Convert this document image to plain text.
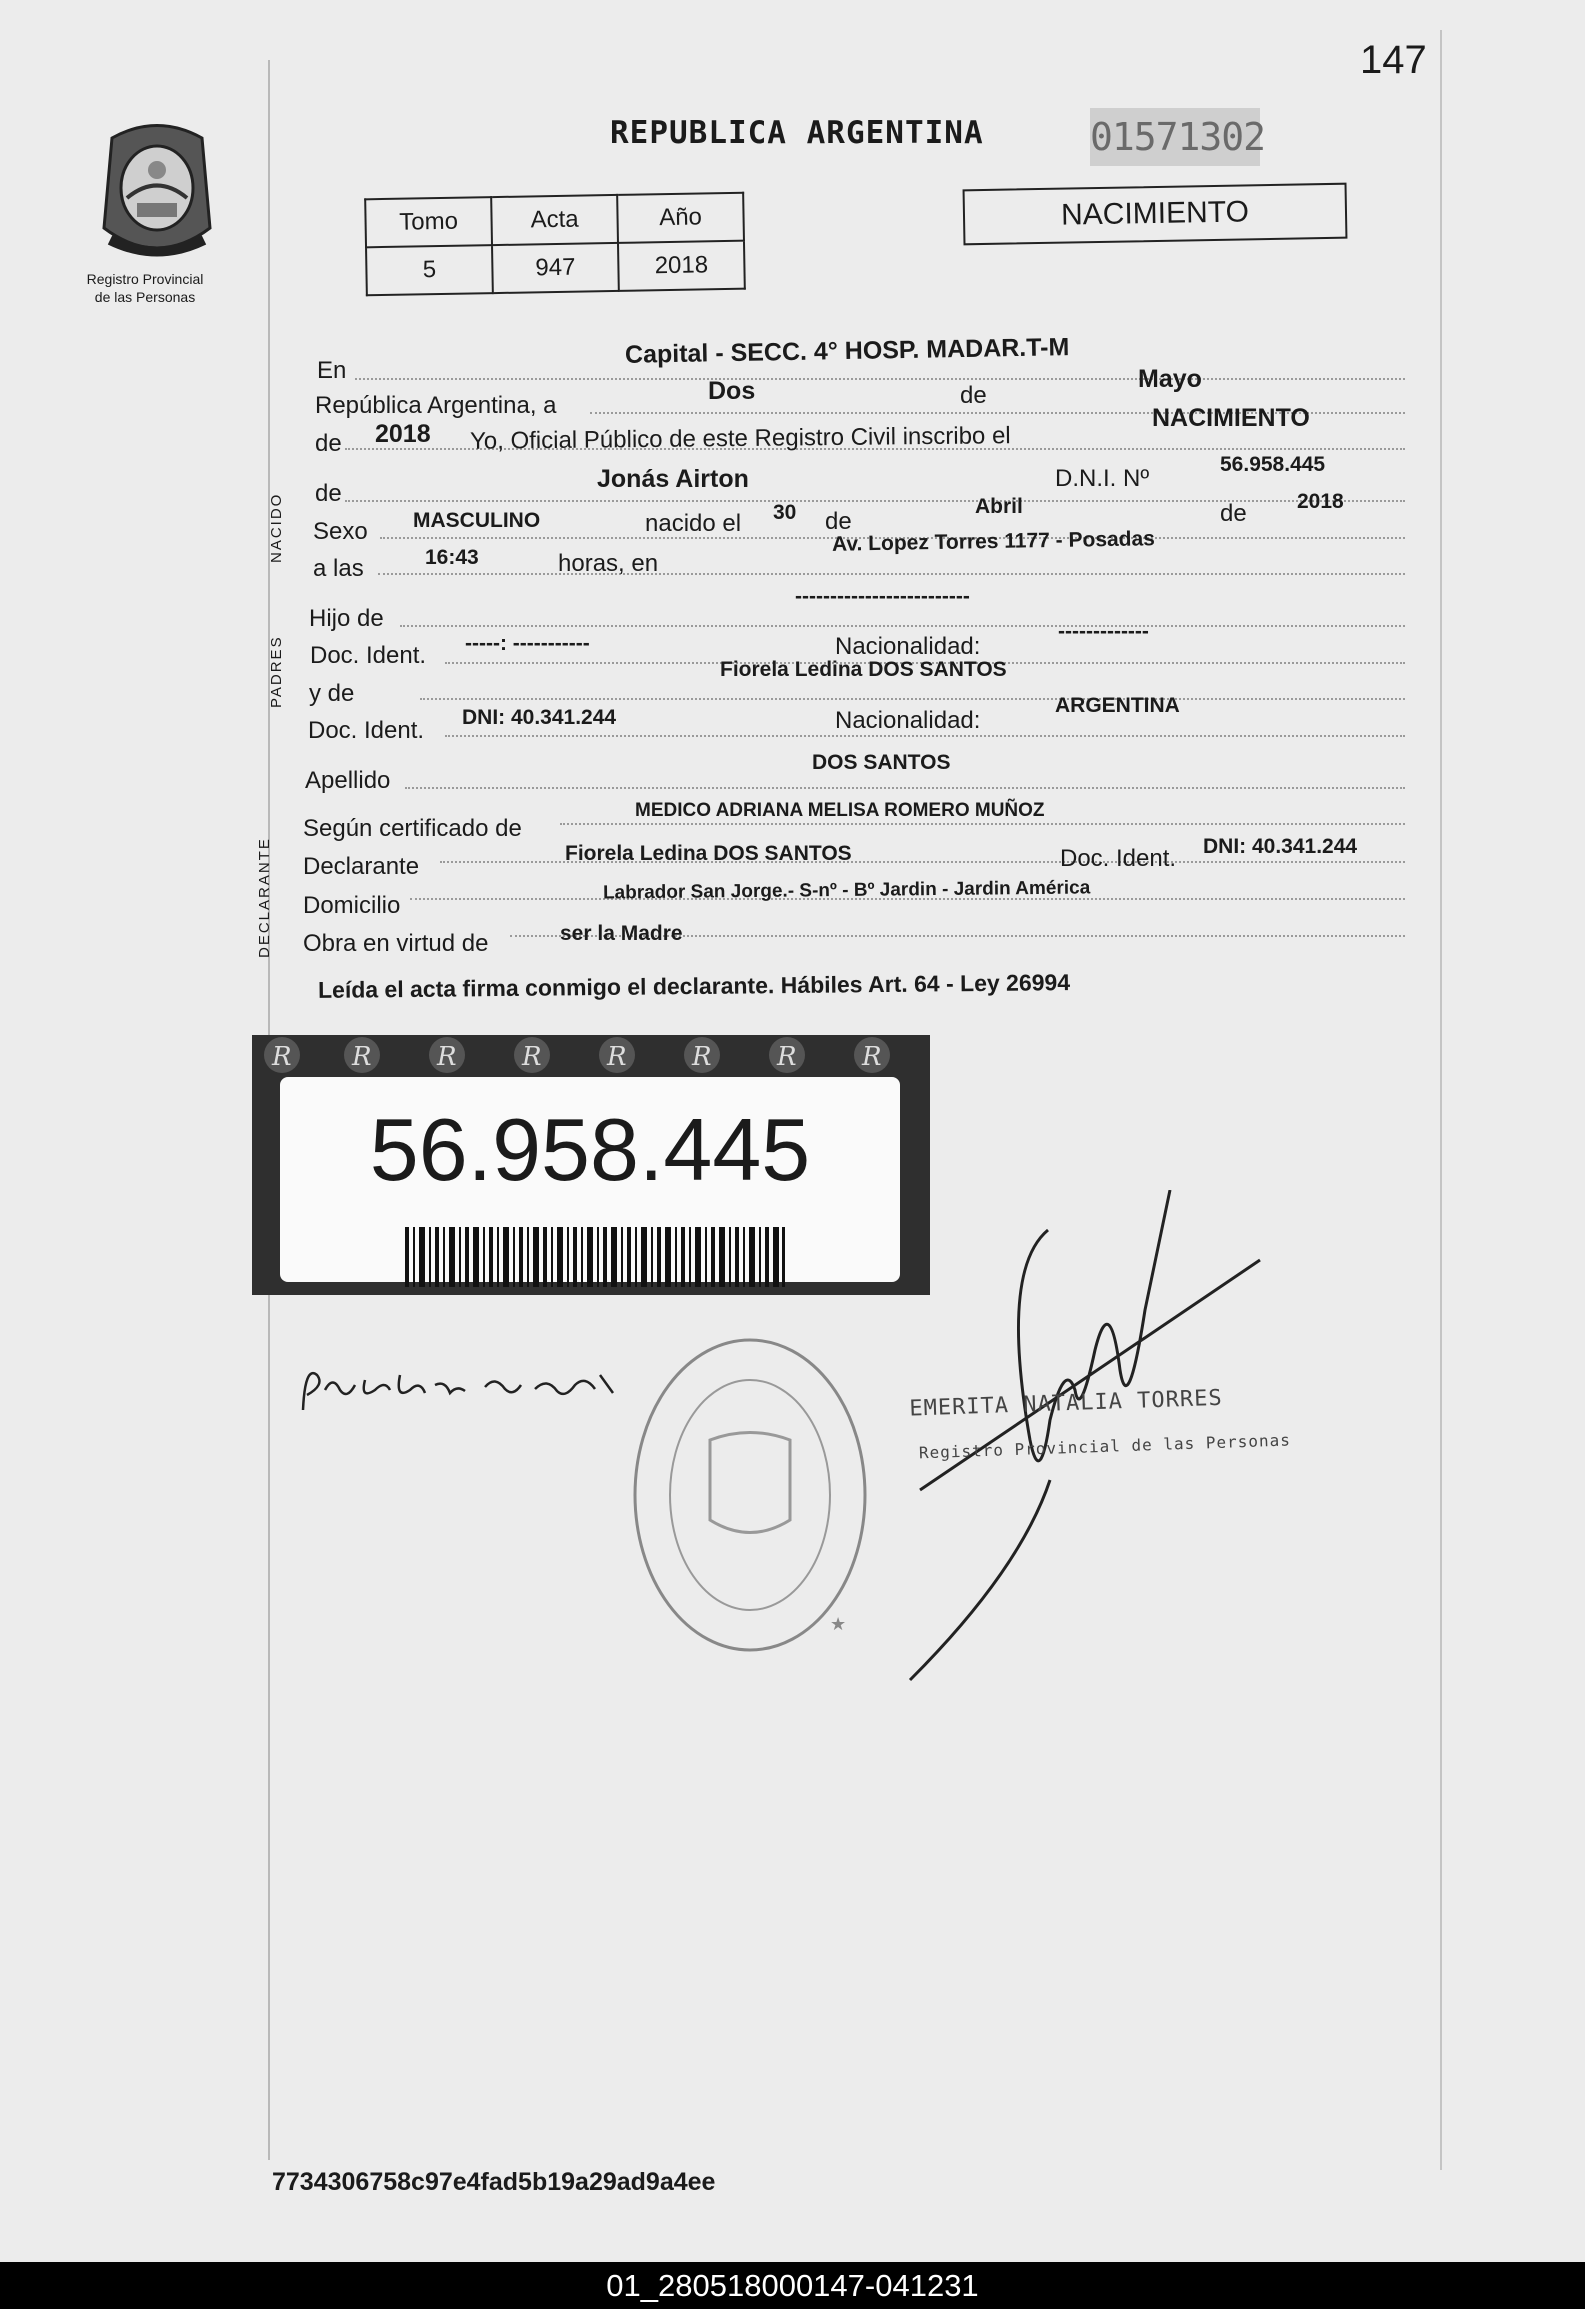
147
REPUBLICA ARGENTINA	01571302
Registro Provincial
de las Personas
Tomo	Acta	Año
5	947	2018
NACIMIENTO
NACIDO
PADRES
DECLARANTE
En
Capital - SECC. 4° HOSP. MADAR.T-M
República Argentina, a
Dos	de
Mayo
de 2018 Yo, Oficial Público de este Registro Civil inscribo el
NACIMIENTO
de
Jonás Airton	D.N.I. Nº
56.958.445
Sexo MASCULINO	nacido el 30 de
Abril	de 2018
a las	16:43	horas, en
Av. Lopez Torres 1177 - Posadas
Hijo de
-------------------------
Doc. Ident. -----: -----------	Nacionalidad:
-------------
y de
Fiorela Ledina DOS SANTOS
Doc. Ident. DNI: 40.341.244	Nacionalidad:
ARGENTINA
Apellido
DOS SANTOS
Según certificado de
MEDICO ADRIANA MELISA ROMERO MUÑOZ
Declarante	Fiorela Ledina DOS SANTOS	Doc. Ident. DNI: 40.341.244
Domicilio
Labrador San Jorge.- S-nº - Bº Jardin - Jardin América
Obra en virtud de	ser la Madre
Leída el acta firma conmigo el declarante. Hábiles Art. 64 - Ley 26994
R R	R	R	R	R	R	R
56.958.445
★
EMERITA NATALIA TORRES
Registro Provincial de las Personas
7734306758c97e4fad5b19a29ad9a4ee
01_280518000147-041231
